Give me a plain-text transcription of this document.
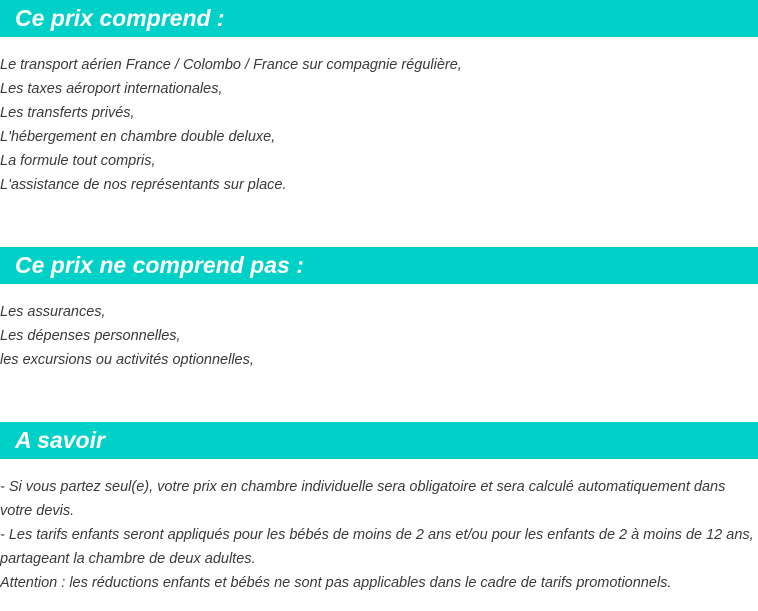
Ce prix comprend :
Le transport aérien France / Colombo / France sur compagnie régulière,
Les taxes aéroport internationales,
Les transferts privés,
L'hébergement en chambre double deluxe,
La formule tout compris,
L'assistance de nos représentants sur place.
Ce prix ne comprend pas :
Les assurances,
Les dépenses personnelles,
les excursions ou activités optionnelles,
A savoir
- Si vous partez seul(e), votre prix en chambre individuelle sera obligatoire et sera calculé automatiquement dans votre devis.
- Les tarifs enfants seront appliqués pour les bébés de moins de 2 ans et/ou pour les enfants de 2 à moins de 12 ans, partageant la chambre de deux adultes.
Attention : les réductions enfants et bébés ne sont pas applicables dans le cadre de tarifs promotionnels.
